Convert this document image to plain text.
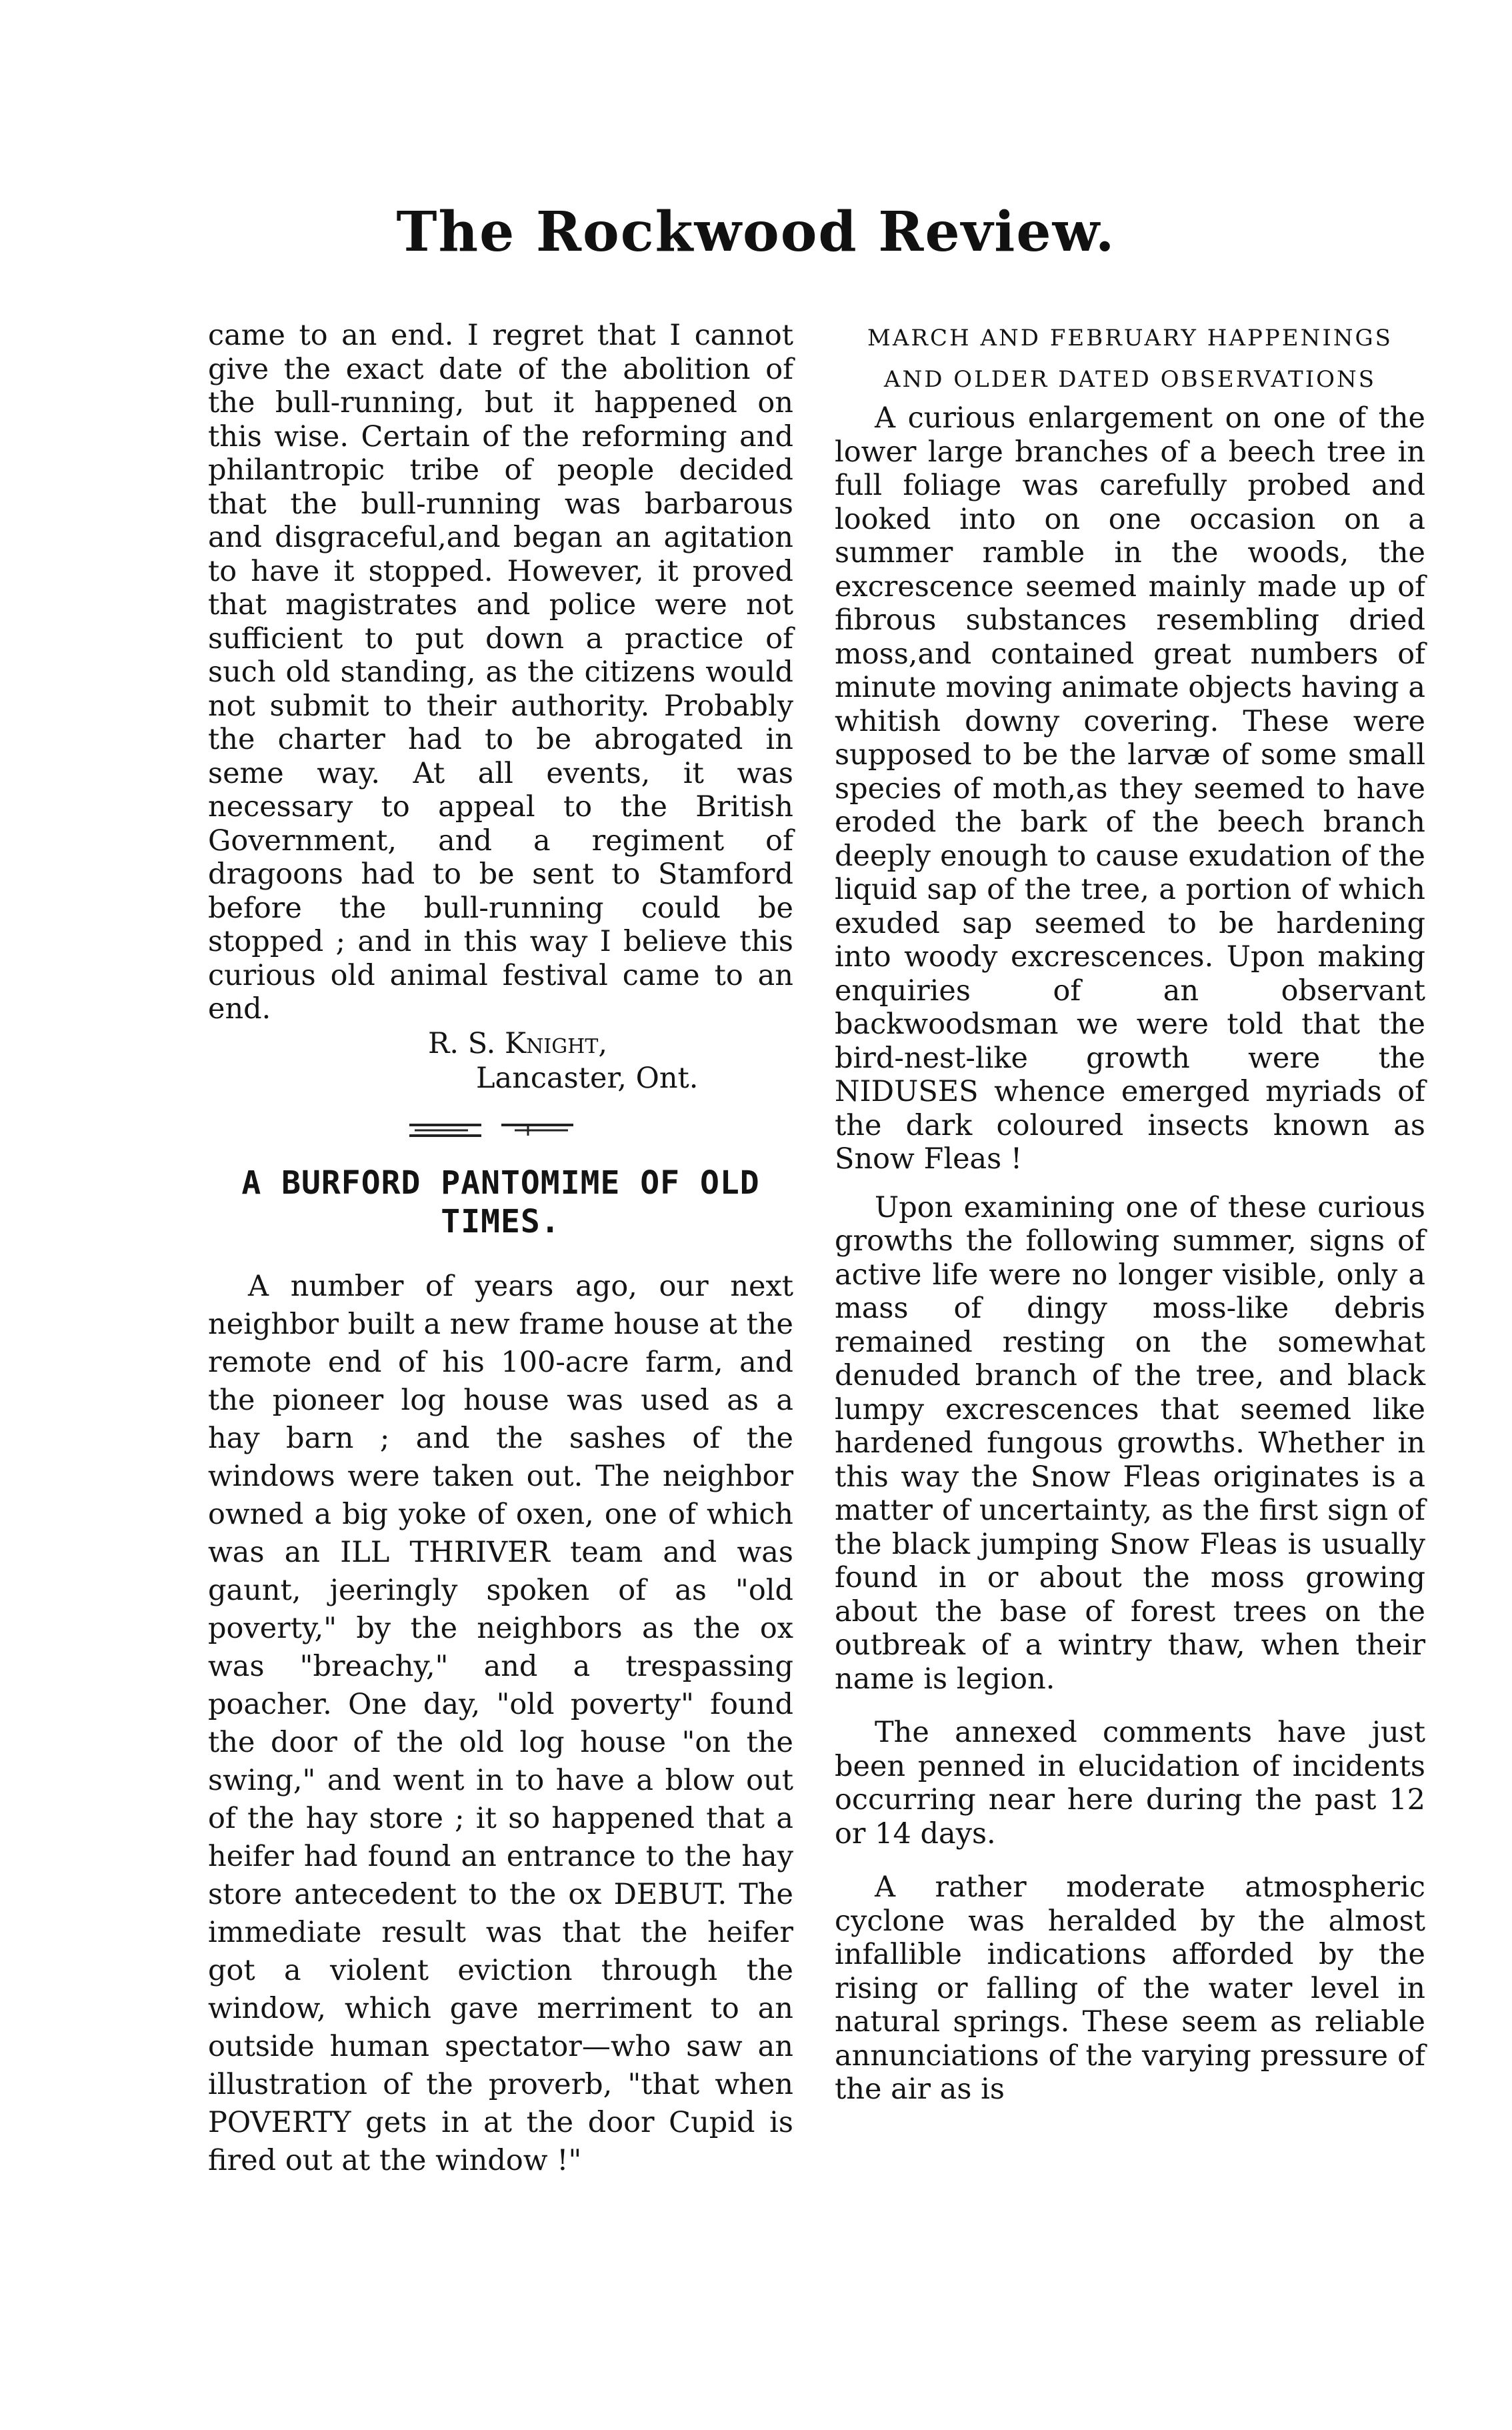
The Rockwood Review.

came to an end. I regret that I cannot give the exact date of the abolition of the bull-running, but it happened on this wise. Certain of the reforming and philantropic tribe of people decided that the bull-running was barbarous and disgraceful,and began an agitation to have it stopped. However, it proved that magistrates and police were not sufficient to put down a practice of such old standing, as the citizens would not submit to their authority. Probably the charter had to be abrogated in seme way. At all events, it was necessary to appeal to the British Government, and a regiment of dragoons had to be sent to Stamford before the bull-running could be stopped ; and in this way I believe this curious old animal festival came to an end.

R. S. Knight,
Lancaster, Ont.
A BURFORD PANTOMIME OF OLD TIMES.

A number of years ago, our next neighbor built a new frame house at the remote end of his 100-acre farm, and the pioneer log house was used as a hay barn ; and the sashes of the windows were taken out. The neighbor owned a big yoke of oxen, one of which was an ILL THRIVER team and was gaunt, jeeringly spoken of as "old poverty," by the neighbors as the ox was "breachy," and a trespassing poacher. One day, "old poverty" found the door of the old log house "on the swing," and went in to have a blow out of the hay store ; it so happened that a heifer had found an entrance to the hay store antecedent to the ox DEBUT. The immediate result was that the heifer got a violent eviction through the window, which gave merriment to an outside human spectator—who saw an illustration of the proverb, "that when POVERTY gets in at the door Cupid is fired out at the window !"

MARCH AND FEBRUARY HAPPENINGS
AND OLDER DATED OBSERVATIONS

A curious enlargement on one of the lower large branches of a beech tree in full foliage was carefully probed and looked into on one occasion on a summer ramble in the woods, the excrescence seemed mainly made up of fibrous substances resembling dried moss,and contained great numbers of minute moving animate objects having a whitish downy covering. These were supposed to be the larvæ of some small species of moth,as they seemed to have eroded the bark of the beech branch deeply enough to cause exudation of the liquid sap of the tree, a portion of which exuded sap seemed to be hardening into woody excrescences. Upon making enquiries of an observant backwoodsman we were told that the bird-nest-like growth were the NIDUSES whence emerged myriads of the dark coloured insects known as Snow Fleas !

Upon examining one of these curious growths the following summer, signs of active life were no longer visible, only a mass of dingy moss-like debris remained resting on the somewhat denuded branch of the tree, and black lumpy excrescences that seemed like hardened fungous growths. Whether in this way the Snow Fleas originates is a matter of uncertainty, as the first sign of the black jumping Snow Fleas is usually found in or about the moss growing about the base of forest trees on the outbreak of a wintry thaw, when their name is legion.

The annexed comments have just been penned in elucidation of incidents occurring near here during the past 12 or 14 days.

A rather moderate atmospheric cyclone was heralded by the almost infallible indications afforded by the rising or falling of the water level in natural springs. These seem as reliable annunciations of the varying pressure of the air as is
